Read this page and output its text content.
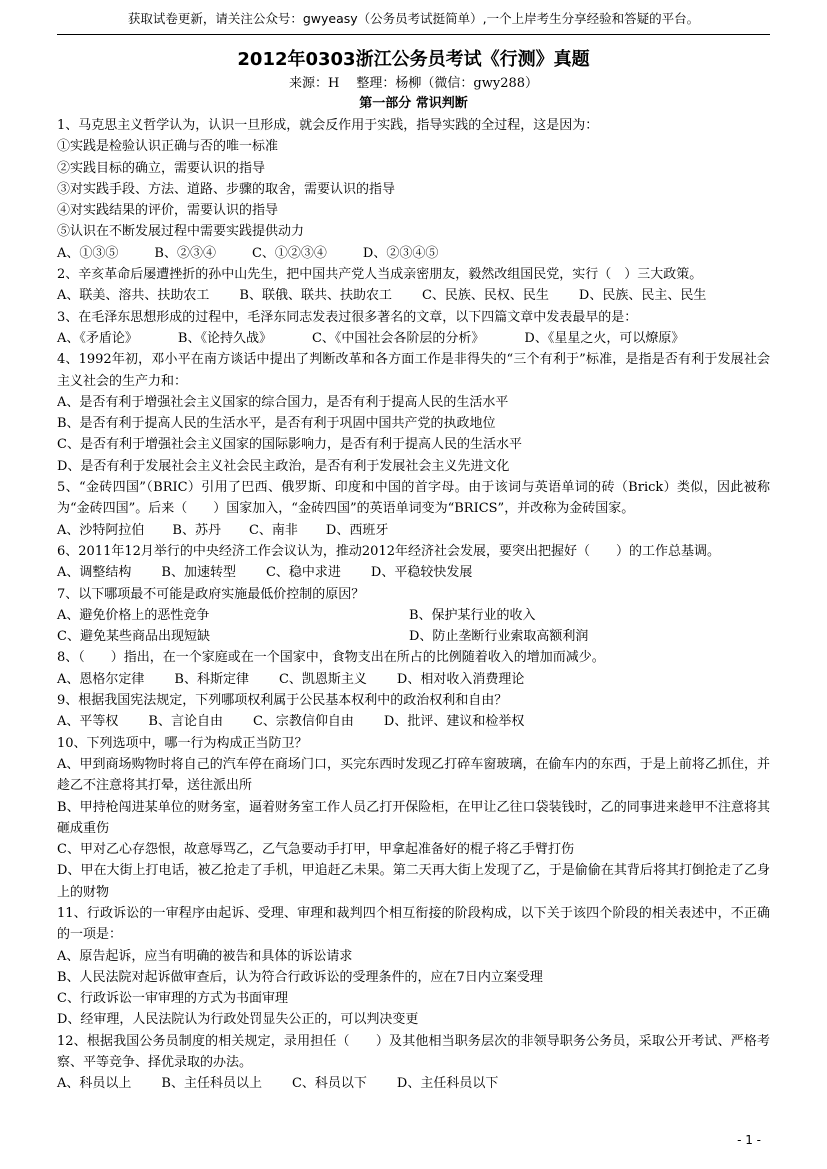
获取试卷更新，请关注公众号：gwyeasy（公务员考试挺简单）,一个上岸考生分享经验和答疑的平台。
2012年0303浙江公务员考试《行测》真题
来源：H　 整理：杨柳（微信：gwy288）
第一部分 常识判断
1、马克思主义哲学认为，认识一旦形成，就会反作用于实践，指导实践的全过程，这是因为：
①实践是检验认识正确与否的唯一标准
②实践目标的确立，需要认识的指导
③对实践手段、方法、道路、步骤的取舍，需要认识的指导
④对实践结果的评价，需要认识的指导
⑤认识在不断发展过程中需要实践提供动力
A、①③⑤	B、②③④	C、①②③④	D、②③④⑤
2、辛亥革命后屡遭挫折的孙中山先生，把中国共产党人当成亲密朋友，毅然改组国民党，实行（　）三大政策。
A、联美、溶共、扶助农工 B、联俄、联共、扶助农工 C、民族、民权、民生 D、民族、民主、民生
3、在毛泽东思想形成的过程中，毛泽东同志发表过很多著名的文章，以下四篇文章中发表最早的是：
A、《矛盾论》	B、《论持久战》	C、《中国社会各阶层的分析》	D、《星星之火，可以燎原》
4、1992年初，邓小平在南方谈话中提出了判断改革和各方面工作是非得失的“三个有利于”标准，是指是否有利于发展社会主义社会的生产力和：
A、是否有利于增强社会主义国家的综合国力，是否有利于提高人民的生活水平
B、是否有利于提高人民的生活水平，是否有利于巩固中国共产党的执政地位
C、是否有利于增强社会主义国家的国际影响力，是否有利于提高人民的生活水平
D、是否有利于发展社会主义社会民主政治，是否有利于发展社会主义先进文化
5、“金砖四国”（BRIC）引用了巴西、俄罗斯、印度和中国的首字母。由于该词与英语单词的砖（Brick）类似，因此被称为“金砖四国”。后来（　　）国家加入，“金砖四国”的英语单词变为“BRICS”，并改称为金砖国家。
A、沙特阿拉伯 B、苏丹 C、南非 D、西班牙
6、2011年12月举行的中央经济工作会议认为，推动2012年经济社会发展，要突出把握好（　　）的工作总基调。
A、调整结构 B、加速转型 C、稳中求进 D、平稳较快发展
7、以下哪项最不可能是政府实施最低价控制的原因？
A、避免价格上的恶性竞争	B、保护某行业的收入
C、避免某些商品出现短缺	D、防止垄断行业索取高额利润
8、（　　）指出，在一个家庭或在一个国家中，食物支出在所占的比例随着收入的增加而减少。
A、恩格尔定律 B、科斯定律 C、凯恩斯主义 D、相对收入消费理论
9、根据我国宪法规定，下列哪项权利属于公民基本权利中的政治权利和自由？
A、平等权 B、言论自由 C、宗教信仰自由 D、批评、建议和检举权
10、下列选项中，哪一行为构成正当防卫？
A、甲到商场购物时将自己的汽车停在商场门口，买完东西时发现乙打碎车窗玻璃，在偷车内的东西，于是上前将乙抓住，并趁乙不注意将其打晕，送往派出所
B、甲持枪闯进某单位的财务室，逼着财务室工作人员乙打开保险柜，在甲让乙往口袋装钱时，乙的同事进来趁甲不注意将其砸成重伤
C、甲对乙心存怨恨，故意辱骂乙，乙气急要动手打甲，甲拿起准备好的棍子将乙手臂打伤
D、甲在大街上打电话，被乙抢走了手机，甲追赶乙未果。第二天再大街上发现了乙，于是偷偷在其背后将其打倒抢走了乙身上的财物
11、行政诉讼的一审程序由起诉、受理、审理和裁判四个相互衔接的阶段构成，以下关于该四个阶段的相关表述中，不正确的一项是：
A、原告起诉，应当有明确的被告和具体的诉讼请求
B、人民法院对起诉做审查后，认为符合行政诉讼的受理条件的，应在7日内立案受理
C、行政诉讼一审审理的方式为书面审理
D、经审理，人民法院认为行政处罚显失公正的，可以判决变更
12、根据我国公务员制度的相关规定，录用担任（　　）及其他相当职务层次的非领导职务公务员，采取公开考试、严格考察、平等竞争、择优录取的办法。
A、科员以上 B、主任科员以上 C、科员以下 D、主任科员以下
- 1 -
